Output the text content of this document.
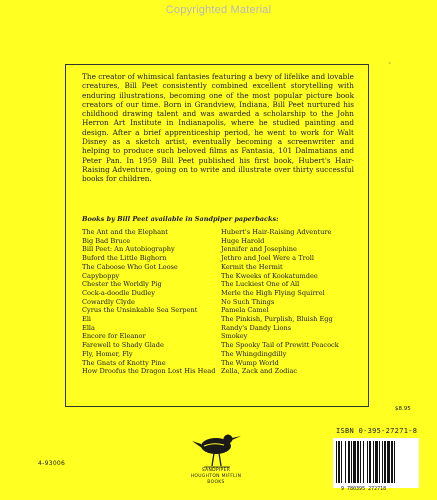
Copyrighted Material
◦

The creator of whimsical fantasies featuring a bevy of lifelike and lovable creatures, Bill Peet consistently combined excellent storytelling with enduring illustrations, becoming one of the most popular picture book creators of our time. Born in Grandview, Indiana, Bill Peet nurtured his childhood drawing talent and was awarded a scholarship to the John Herron Art Institute in Indianapolis, where he studied painting and design. After a brief apprenticeship period, he went to work for Walt Disney as a sketch artist, eventually becoming a screenwriter and helping to produce such beloved films as Fantasia, 101 Dalmatians and Peter Pan. In 1959 Bill Peet published his first book, Hubert's Hair-Raising Adventure, going on to write and illustrate over thirty successful books for children.

Books by Bill Peet available in Sandpiper paperbacks:

The Ant and the Elephant
Big Bad Bruce
Bill Peet: An Autobiography
Buford the Little Bighorn
The Caboose Who Got Loose
Capyboppy
Chester the Worldly Pig
Cock-a-doodle Dudley
Cowardly Clyde
Cyrus the Unsinkable Sea Serpent
Eli
Ella
Encore for Eleanor
Farewell to Shady Glade
Fly, Homer, Fly
The Gnats of Knotty Pine
How Droofus the Dragon Lost His Head
Hubert's Hair-Raising Adventure
Huge Harold
Jennifer and Josephine
Jethro and Joel Were a Troll
Kermit the Hermit
The Kweeks of Kookatumdee
The Luckiest One of All
Merle the High Flying Squirrel
No Such Things
Pamela Camel
The Pinkish, Purplish, Bluish Egg
Randy's Dandy Lions
Smokey
The Spooky Tail of Prewitt Peacock
The Whingdingdilly
The Wump World
Zella, Zack and Zodiac
$8.95
ISBN 0-395-27271-8
9 780395 272718
4-93006
SANDPIPER
HOUGHTON MIFFLIN
BOOKS
